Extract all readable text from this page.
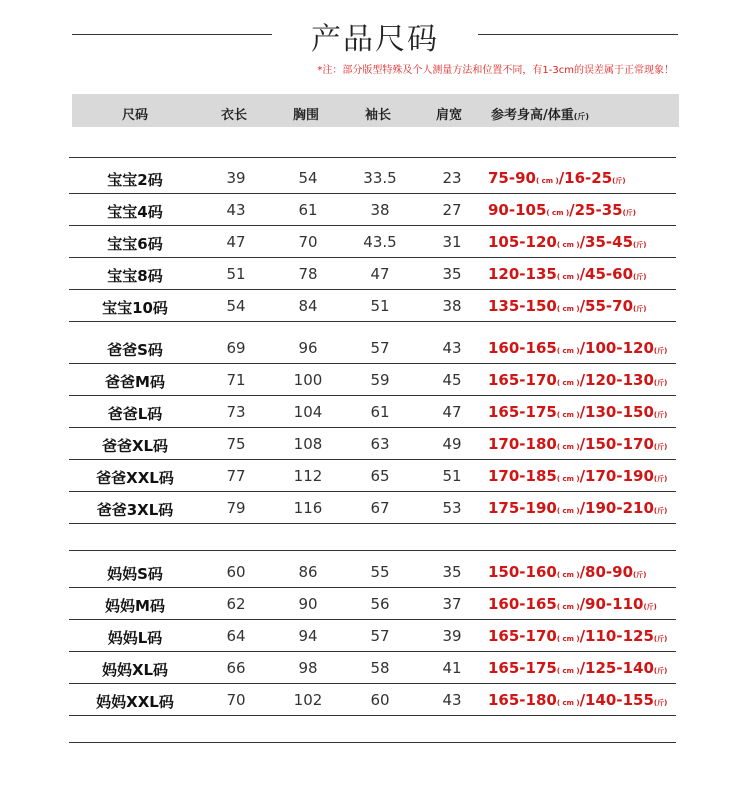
产品尺码
*注：部分版型特殊及个人测量方法和位置不同，有1-3cm的误差属于正常现象！
尺码	衣长	胸围	袖长	肩宽 参考身高/体重(斤)
宝宝2码	39	54	33.5	23	75-90( cm )/16-25(斤)
宝宝4码	43	61	38	27	90-105( cm )/25-35(斤)
宝宝6码	47	70	43.5	31	105-120( cm )/35-45(斤)
宝宝8码	51	78	47	35	120-135( cm )/45-60(斤)
宝宝10码	54	84	51	38	135-150( cm )/55-70(斤)
爸爸S码	69	96	57	43	160-165( cm )/100-120(斤)
爸爸M码	71	100	59	45	165-170( cm )/120-130(斤)
爸爸L码	73	104	61	47	165-175( cm )/130-150(斤)
爸爸XL码	75	108	63	49	170-180( cm )/150-170(斤)
爸爸XXL码	77	112	65	51	170-185( cm )/170-190(斤)
爸爸3XL码	79	116	67	53	175-190( cm )/190-210(斤)
妈妈S码	60	86	55	35	150-160( cm )/80-90(斤)
妈妈M码	62	90	56	37	160-165( cm )/90-110(斤)
妈妈L码	64	94	57	39	165-170( cm )/110-125(斤)
妈妈XL码	66	98	58	41	165-175( cm )/125-140(斤)
妈妈XXL码	70	102	60	43	165-180( cm )/140-155(斤)
